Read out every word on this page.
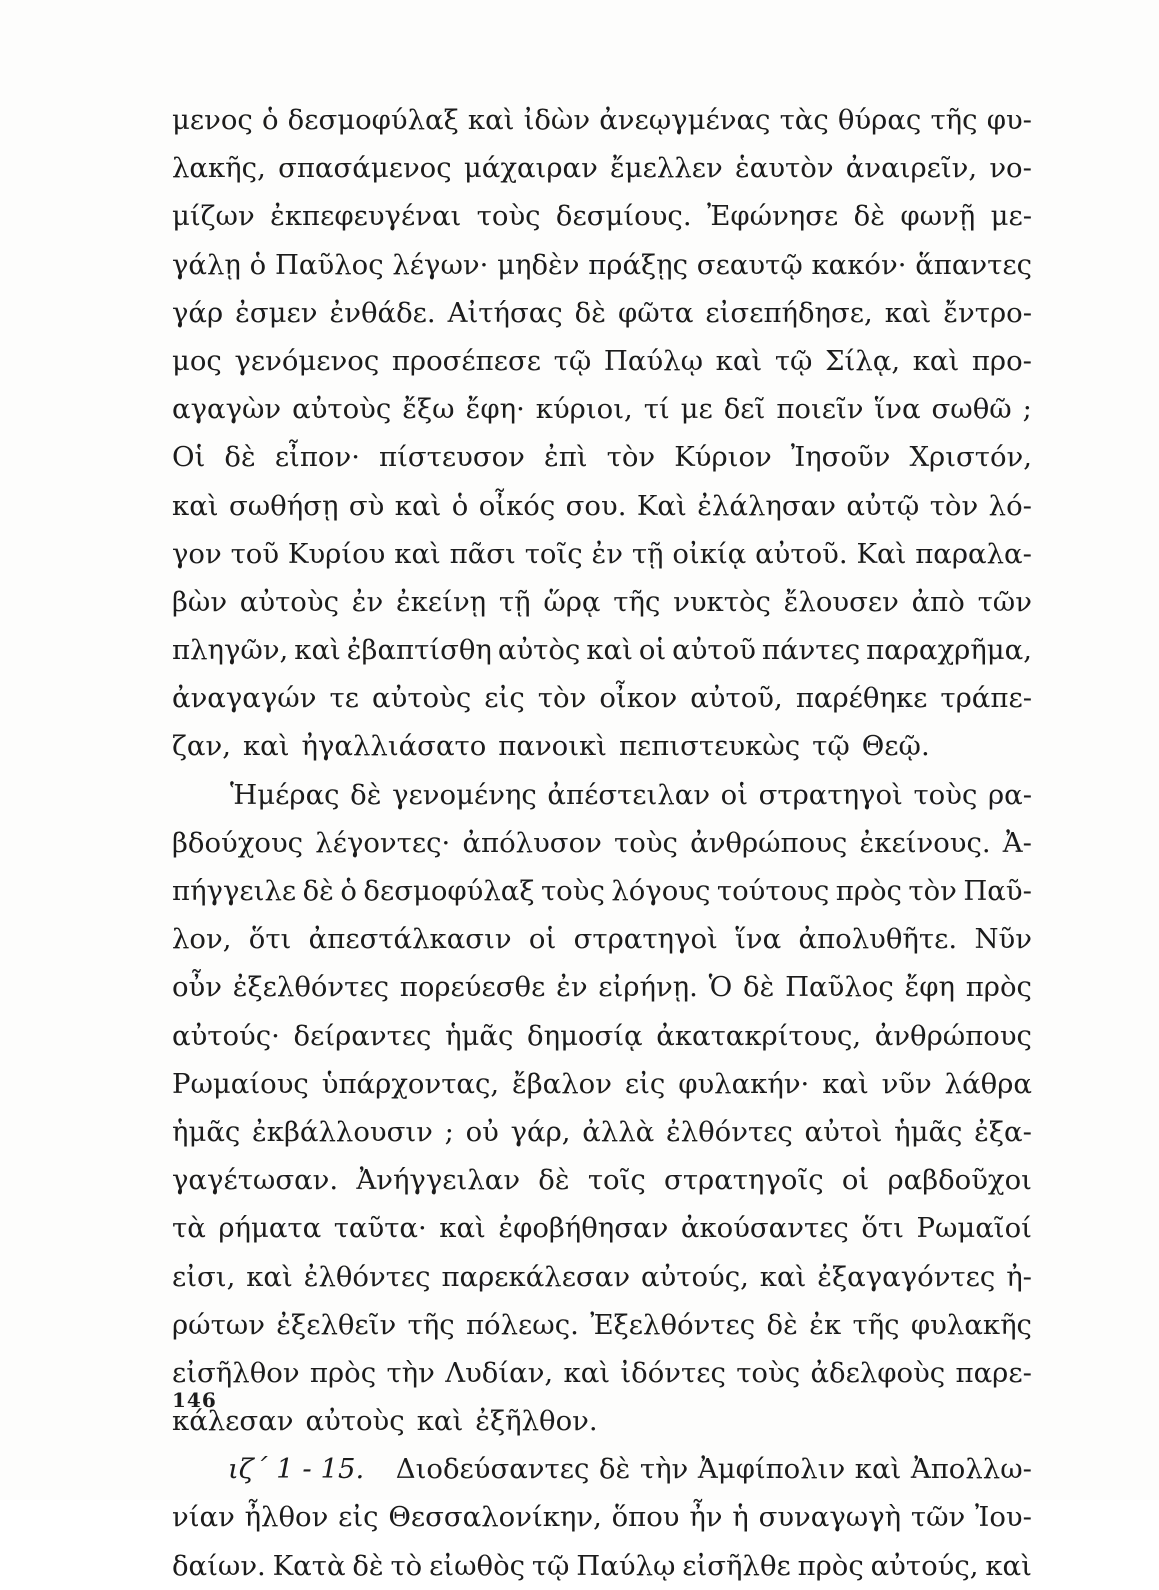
μενος ὁ δεσμοφύλαξ καὶ ἰδὼν ἀνεῳγμένας τὰς θύρας τῆς φυ-
λακῆς, σπασάμενος μάχαιραν ἔμελλεν ἑαυτὸν ἀναιρεῖν, νο-
μίζων ἐκπεφευγέναι τοὺς δεσμίους. Ἐφώνησε δὲ φωνῇ με-
γάλῃ ὁ Παῦλος λέγων· μηδὲν πράξῃς σεαυτῷ κακόν· ἅπαντες
γάρ ἐσμεν ἐνθάδε. Αἰτήσας δὲ φῶτα εἰσεπήδησε, καὶ ἔντρο-
μος γενόμενος προσέπεσε τῷ Παύλῳ καὶ τῷ Σίλᾳ, καὶ προ-
αγαγὼν αὐτοὺς ἔξω ἔφη· κύριοι, τί με δεῖ ποιεῖν ἵνα σωθῶ ;
Οἱ δὲ εἶπον· πίστευσον ἐπὶ τὸν Κύριον Ἰησοῦν Χριστόν,
καὶ σωθήσῃ σὺ καὶ ὁ οἶκός σου. Καὶ ἐλάλησαν αὐτῷ τὸν λό-
γον τοῦ Κυρίου καὶ πᾶσι τοῖς ἐν τῇ οἰκίᾳ αὐτοῦ. Καὶ παραλα-
βὼν αὐτοὺς ἐν ἐκείνῃ τῇ ὥρᾳ τῆς νυκτὸς ἔλουσεν ἀπὸ τῶν
πληγῶν, καὶ ἐβαπτίσθη αὐτὸς καὶ οἱ αὐτοῦ πάντες παραχρῆμα,
ἀναγαγών τε αὐτοὺς εἰς τὸν οἶκον αὐτοῦ, παρέθηκε τράπε-
ζαν, καὶ ἠγαλλιάσατο πανοικὶ πεπιστευκὼς τῷ Θεῷ.
Ἡμέρας δὲ γενομένης ἀπέστειλαν οἱ στρατηγοὶ τοὺς ρα-
βδούχους λέγοντες· ἀπόλυσον τοὺς ἀνθρώπους ἐκείνους. Ἀ-
πήγγειλε δὲ ὁ δεσμοφύλαξ τοὺς λόγους τούτους πρὸς τὸν Παῦ-
λον, ὅτι ἀπεστάλκασιν οἱ στρατηγοὶ ἵνα ἀπολυθῆτε. Νῦν
οὖν ἐξελθόντες πορεύεσθε ἐν εἰρήνῃ. Ὁ δὲ Παῦλος ἔφη πρὸς
αὐτούς· δείραντες ἡμᾶς δημοσίᾳ ἀκατακρίτους, ἀνθρώπους
Ρωμαίους ὑπάρχοντας, ἔβαλον εἰς φυλακήν· καὶ νῦν λάθρα
ἡμᾶς ἐκβάλλουσιν ; οὐ γάρ, ἀλλὰ ἐλθόντες αὐτοὶ ἡμᾶς ἐξα-
γαγέτωσαν. Ἀνήγγειλαν δὲ τοῖς στρατηγοῖς οἱ ραβδοῦχοι
τὰ ρήματα ταῦτα· καὶ ἐφοβήθησαν ἀκούσαντες ὅτι Ρωμαῖοί
εἰσι, καὶ ἐλθόντες παρεκάλεσαν αὐτούς, καὶ ἐξαγαγόντες ἠ-
ρώτων ἐξελθεῖν τῆς πόλεως. Ἐξελθόντες δὲ ἐκ τῆς φυλακῆς
εἰσῆλθον πρὸς τὴν Λυδίαν, καὶ ἰδόντες τοὺς ἀδελφοὺς παρε-
κάλεσαν αὐτοὺς καὶ ἐξῆλθον.
ιζ΄ 1 - 15. Διοδεύσαντες δὲ τὴν Ἀμφίπολιν καὶ Ἀπολλω-
νίαν ἦλθον εἰς Θεσσαλονίκην, ὅπου ἦν ἡ συναγωγὴ τῶν Ἰου-
δαίων. Κατὰ δὲ τὸ εἰωθὸς τῷ Παύλῳ εἰσῆλθε πρὸς αὐτούς, καὶ
146
